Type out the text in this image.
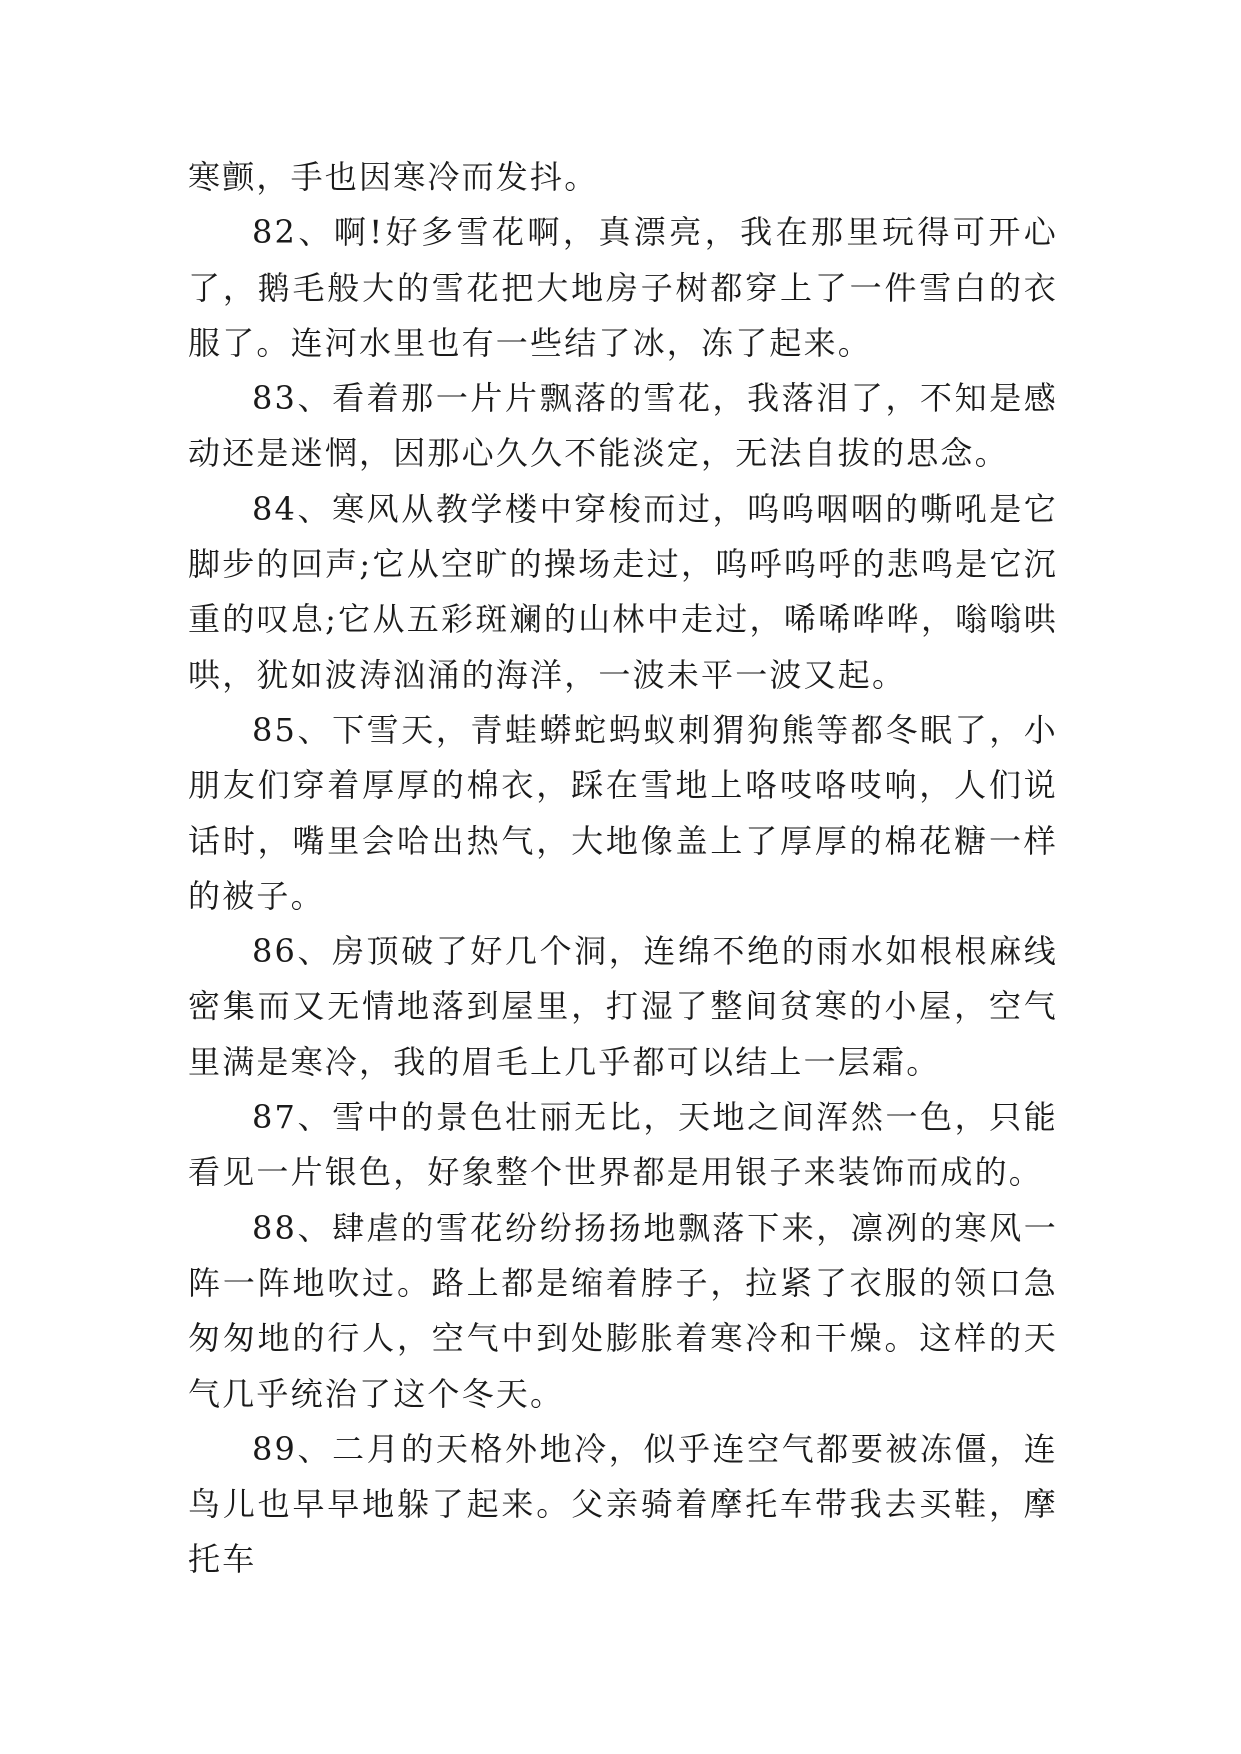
寒颤，手也因寒冷而发抖。

82、啊!好多雪花啊，真漂亮，我在那里玩得可开心了，鹅毛般大的雪花把大地房子树都穿上了一件雪白的衣服了。连河水里也有一些结了冰，冻了起来。

83、看着那一片片飘落的雪花，我落泪了，不知是感动还是迷惘，因那心久久不能淡定，无法自拔的思念。

84、寒风从教学楼中穿梭而过，呜呜咽咽的嘶吼是它脚步的回声;它从空旷的操场走过，呜呼呜呼的悲鸣是它沉重的叹息;它从五彩斑斓的山林中走过，唏唏哗哗，嗡嗡哄哄，犹如波涛汹涌的海洋，一波未平一波又起。

85、下雪天，青蛙蟒蛇蚂蚁刺猬狗熊等都冬眠了，小朋友们穿着厚厚的棉衣，踩在雪地上咯吱咯吱响，人们说话时，嘴里会哈出热气，大地像盖上了厚厚的棉花糖一样的被子。

86、房顶破了好几个洞，连绵不绝的雨水如根根麻线密集而又无情地落到屋里，打湿了整间贫寒的小屋，空气里满是寒冷，我的眉毛上几乎都可以结上一层霜。

87、雪中的景色壮丽无比，天地之间浑然一色，只能看见一片银色，好象整个世界都是用银子来装饰而成的。

88、肆虐的雪花纷纷扬扬地飘落下来，凛冽的寒风一阵一阵地吹过。路上都是缩着脖子，拉紧了衣服的领口急匆匆地的行人，空气中到处膨胀着寒冷和干燥。这样的天气几乎统治了这个冬天。

89、二月的天格外地冷，似乎连空气都要被冻僵，连鸟儿也早早地躲了起来。父亲骑着摩托车带我去买鞋，摩托车
